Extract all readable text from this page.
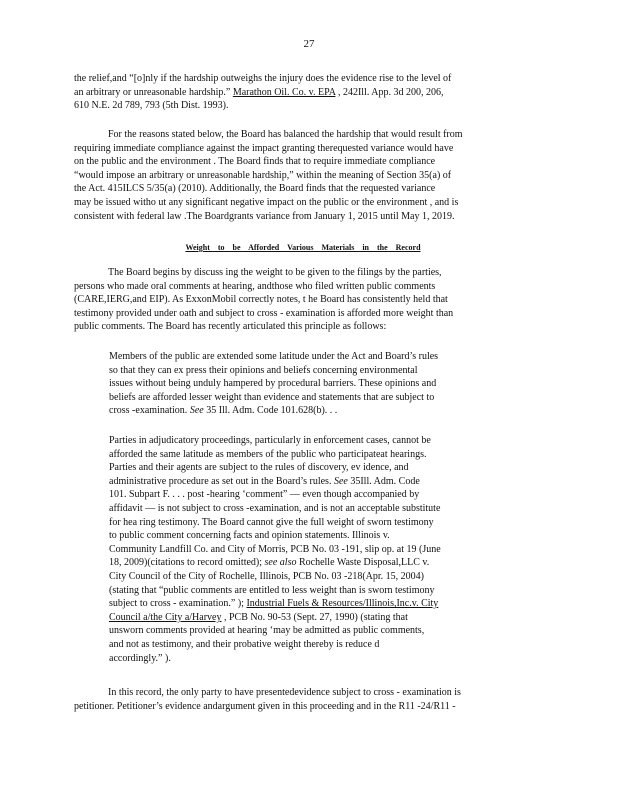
27
the relief,and “[o]nly if the hardship outweighs the injury does the evidence rise to the level of
an arbitrary or unreasonable hardship.” Marathon Oil. Co. v. EPA , 242Ill. App. 3d 200, 206,
610 N.E. 2d 789, 793 (5th Dist. 1993).
For the reasons stated below, the Board has balanced the hardship that would result from
requiring immediate compliance against the impact granting therequested variance would have
on the public and the environment . The Board finds that to require immediate compliance
“would impose an arbitrary or unreasonable hardship,” within the meaning of Section 35(a) of
the Act. 415ILCS 5/35(a) (2010). Additionally, the Board finds that the requested variance
may be issued witho ut any significant negative impact on the public or the environment , and is
consistent with federal law .The Boardgrants variance from January 1, 2015 until May 1, 2019.
Weight to be Afforded Various Materials in the Record
The Board begins by discuss ing the weight to be given to the filings by the parties,
persons who made oral comments at hearing, andthose who filed written public comments
(CARE,IERG,and EIP). As ExxonMobil correctly notes, t he Board has consistently held that
testimony provided under oath and subject to cross - examination is afforded more weight than
public comments. The Board has recently articulated this principle as follows:
Members of the public are extended some latitude under the Act and Board’s rules
so that they can ex press their opinions and beliefs concerning environmental
issues without being unduly hampered by procedural barriers. These opinions and
beliefs are afforded lesser weight than evidence and statements that are subject to
cross -examination. See 35 Ill. Adm. Code 101.628(b). . .
Parties in adjudicatory proceedings, particularly in enforcement cases, cannot be
afforded the same latitude as members of the public who participateat hearings.
Parties and their agents are subject to the rules of discovery, ev idence, and
administrative procedure as set out in the Board’s rules. See 35Ill. Adm. Code
101. Subpart F. . . . post -hearing ‘comment” — even though accompanied by
affidavit — is not subject to cross -examination, and is not an acceptable substitute
for hea ring testimony. The Board cannot give the full weight of sworn testimony
to public comment concerning facts and opinion statements. Illinois v.
Community Landfill Co. and City of Morris, PCB No. 03 -191, slip op. at 19 (June
18, 2009)(citations to record omitted); see also Rochelle Waste Disposal,LLC v.
City Council of the City of Rochelle, Illinois, PCB No. 03 -218(Apr. 15, 2004)
(stating that “public comments are entitled to less weight than is sworn testimony
subject to cross - examination.” ); Industrial Fuels & Resources/Illinois,Inc.v. City
Council a/the City a/Harvey , PCB No. 90-53 (Sept. 27, 1990) (stating that
unsworn comments provided at hearing ‘may be admitted as public comments,
and not as testimony, and their probative weight thereby is reduce d
accordingly.” ).
In this record, the only party to have presentedevidence subject to cross - examination is
petitioner. Petitioner’s evidence andargument given in this proceeding and in the R11 -24/R11 -
